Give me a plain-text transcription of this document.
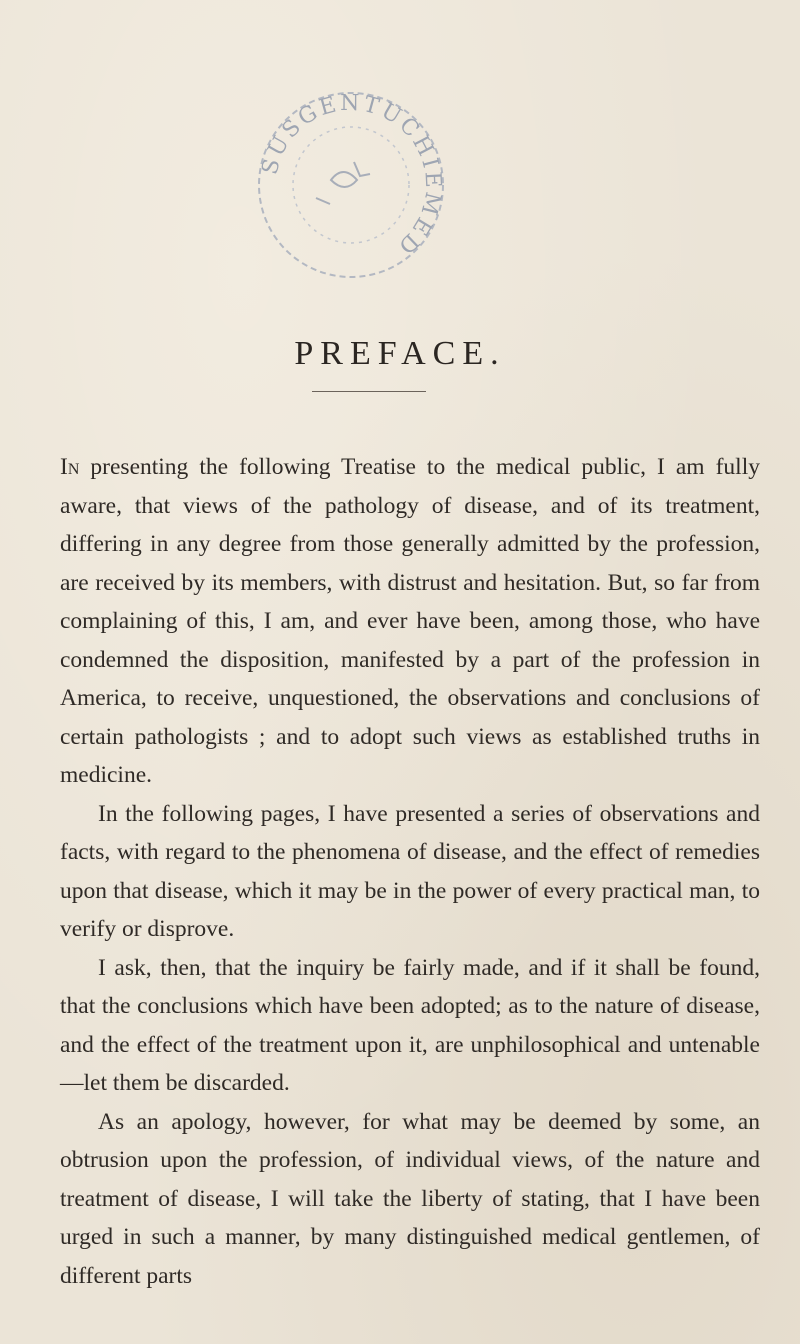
SUSGENTUCHIEMED
PREFACE.

In presenting the following Treatise to the medical public, I am fully aware, that views of the pathology of disease, and of its treatment, differing in any degree from those generally admitted by the profession, are received by its members, with distrust and hesitation. But, so far from complaining of this, I am, and ever have been, among those, who have condemned the disposition, manifested by a part of the profession in America, to receive, unquestioned, the observations and conclusions of certain pathologists ; and to adopt such views as established truths in medicine.

In the following pages, I have presented a series of observations and facts, with regard to the phenomena of disease, and the effect of remedies upon that disease, which it may be in the power of every practical man, to verify or disprove.

I ask, then, that the inquiry be fairly made, and if it shall be found, that the conclusions which have been adopted; as to the nature of disease, and the effect of the treatment upon it, are unphilosophical and untenable—let them be discarded.

As an apology, however, for what may be deemed by some, an obtrusion upon the profession, of individual views, of the nature and treatment of disease, I will take the liberty of stating, that I have been urged in such a manner, by many distinguished medical gentlemen, of different parts
